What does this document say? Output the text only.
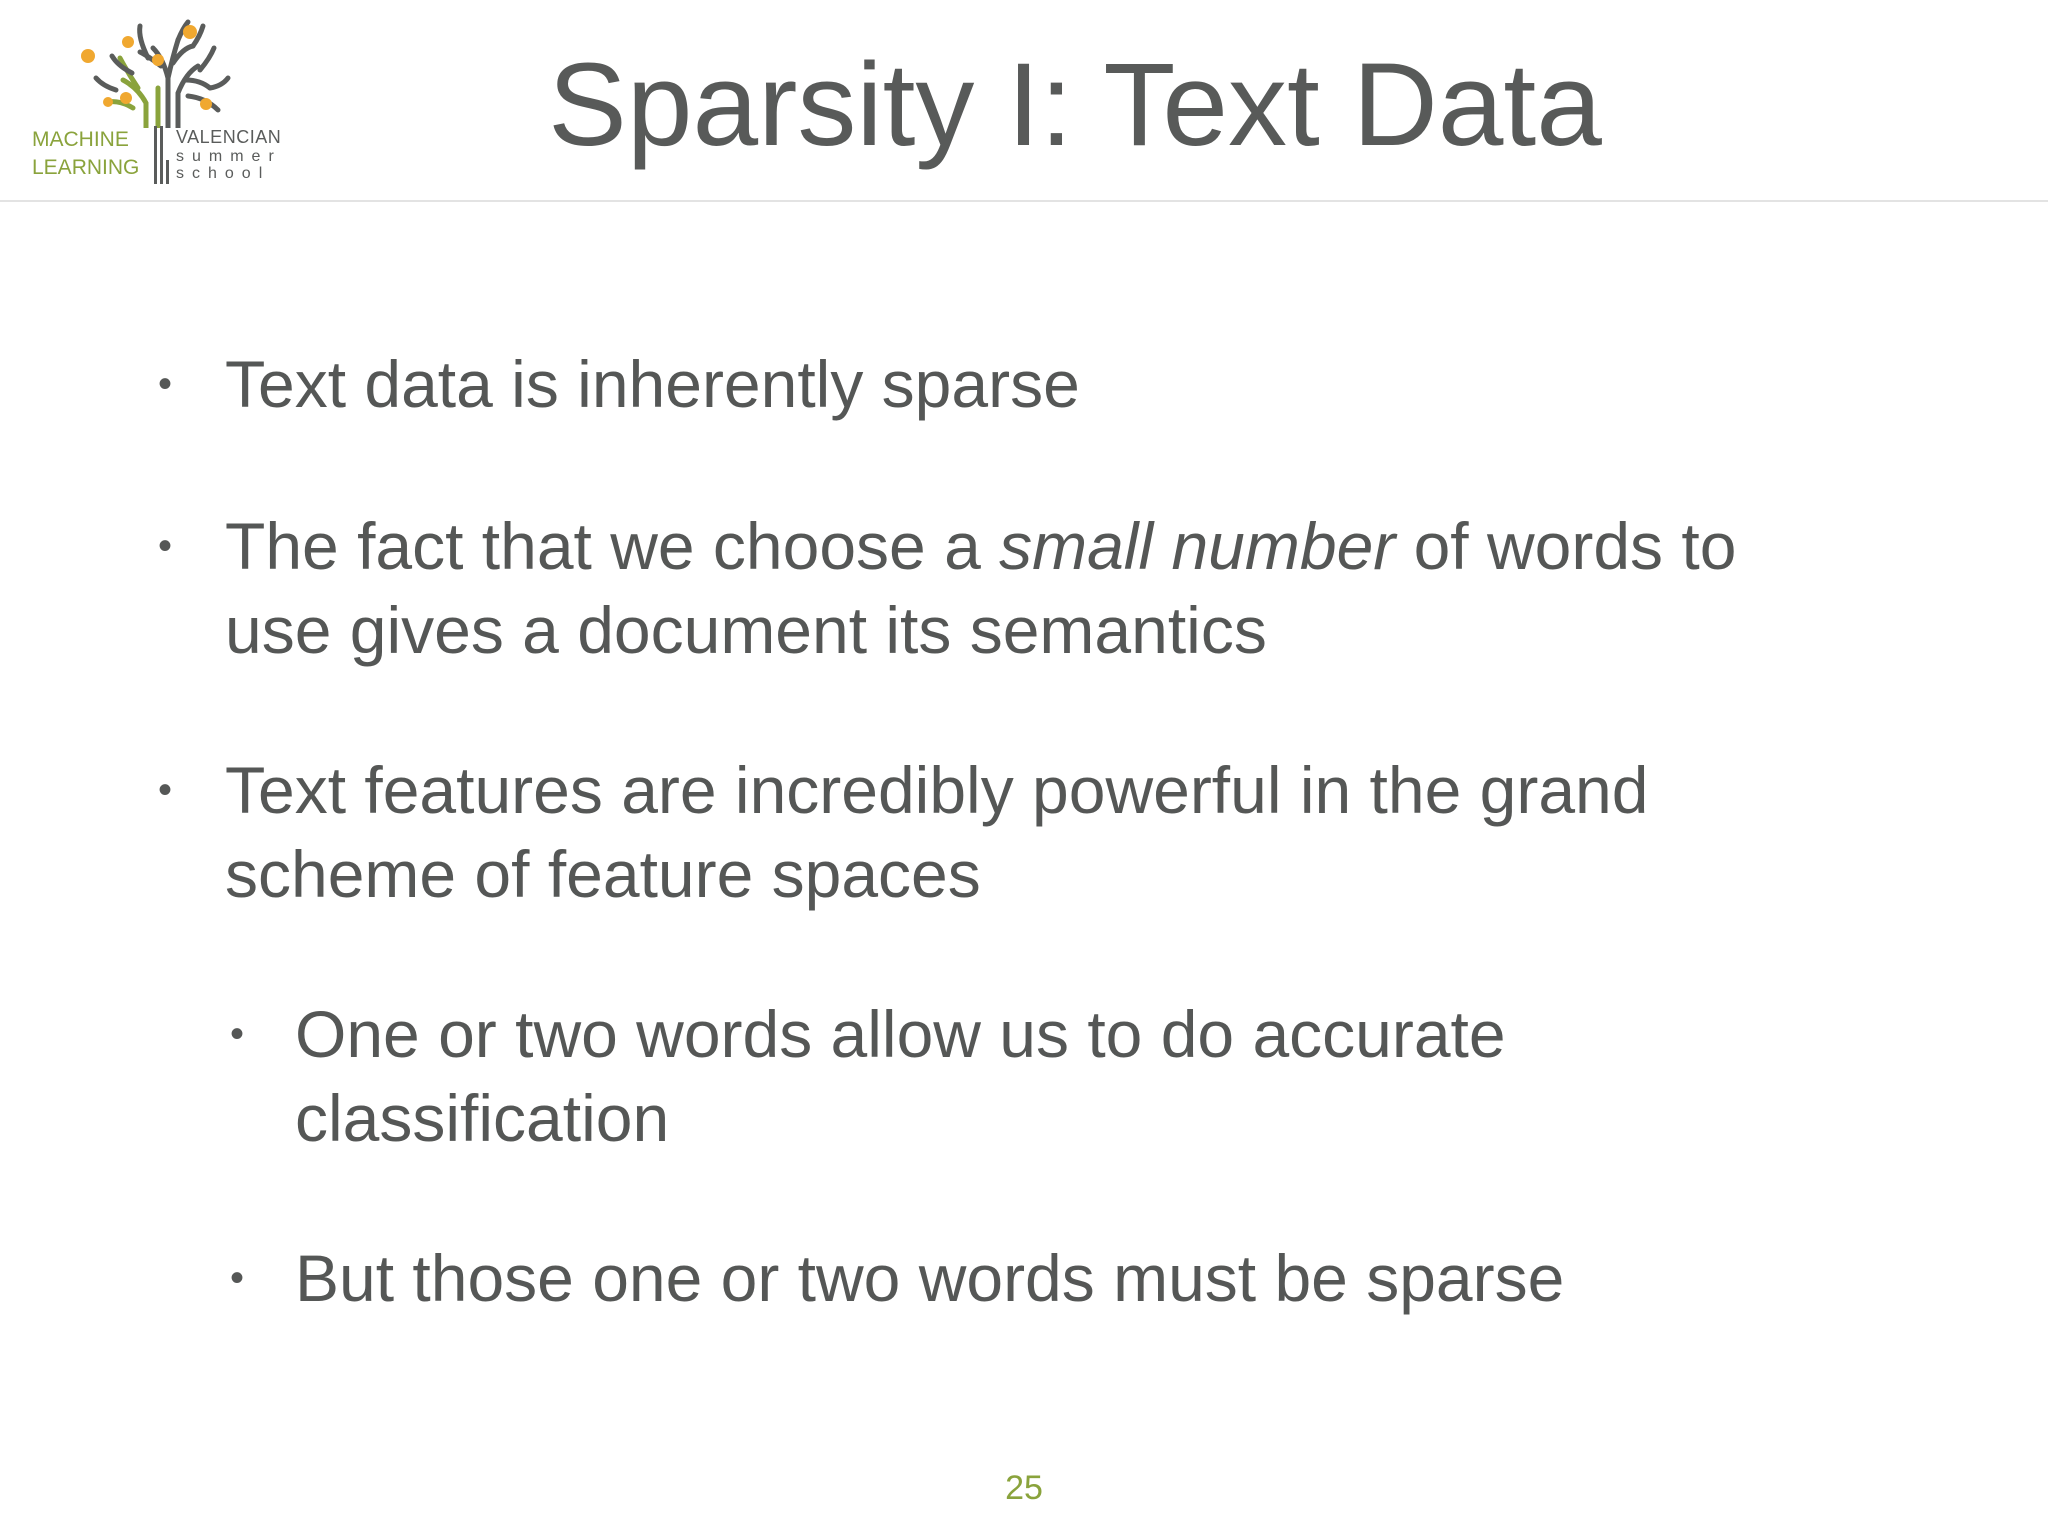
MACHINE
LEARNING
VALENCIAN
summer
school
Sparsity I: Text Data
• Text data is inherently sparse
• The fact that we choose a small number of words to
use gives a document its semantics
• Text features are incredibly powerful in the grand
scheme of feature spaces
• One or two words allow us to do accurate
classification
• But those one or two words must be sparse
25
